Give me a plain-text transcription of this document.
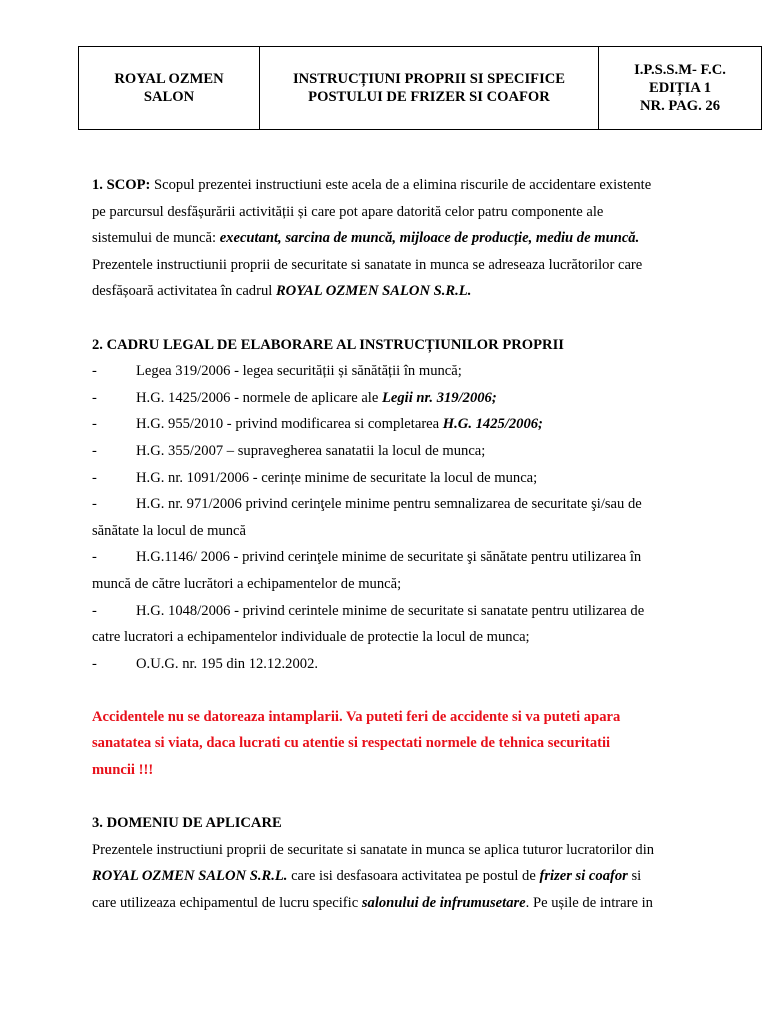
ROYAL OZMEN
SALON

INSTRUCȚIUNI PROPRII SI SPECIFICE
POSTULUI DE FRIZER SI COAFOR

I.P.S.S.M- F.C.
EDIȚIA 1
NR. PAG. 26
1. SCOP: Scopul prezentei instructiuni este acela de a elimina riscurile de accidentare existente
pe parcursul desfășurării activității și care pot apare datorită celor patru componente ale
sistemului de muncă: executant, sarcina de muncă, mijloace de producție, mediu de muncă.
Prezentele instructiunii proprii de securitate si sanatate in munca se adreseaza lucrătorilor care
desfășoară activitatea în cadrul ROYAL OZMEN SALON S.R.L.
2. CADRU LEGAL DE ELABORARE AL INSTRUCȚIUNILOR PROPRII
-	Legea 319/2006 - legea securității și sănătății în muncă;
-	H.G. 1425/2006 - normele de aplicare ale Legii nr. 319/2006;
-	H.G. 955/2010 - privind modificarea si completarea H.G. 1425/2006;
-	H.G. 355/2007 – supravegherea sanatatii la locul de munca;
-	H.G. nr. 1091/2006 - cerințe minime de securitate la locul de munca;
-	H.G. nr. 971/2006 privind cerinţele minime pentru semnalizarea de securitate şi/sau de
sănătate la locul de muncă
-	H.G.1146/ 2006 - privind cerinţele minime de securitate şi sănătate pentru utilizarea în
muncă de către lucrători a echipamentelor de muncă;
-	H.G. 1048/2006 - privind cerintele minime de securitate si sanatate pentru utilizarea de
catre lucratori a echipamentelor individuale de protectie la locul de munca;
-	O.U.G. nr. 195 din 12.12.2002.
Accidentele nu se datoreaza intamplarii. Va puteti feri de accidente si va puteti apara
sanatatea si viata, daca lucrati cu atentie si respectati normele de tehnica securitatii
muncii !!!
3. DOMENIU DE APLICARE
Prezentele instructiuni proprii de securitate si sanatate in munca se aplica tuturor lucratorilor din
ROYAL OZMEN SALON S.R.L. care isi desfasoara activitatea pe postul de frizer si coafor si
care utilizeaza echipamentul de lucru specific salonului de infrumusetare. Pe ușile de intrare in
